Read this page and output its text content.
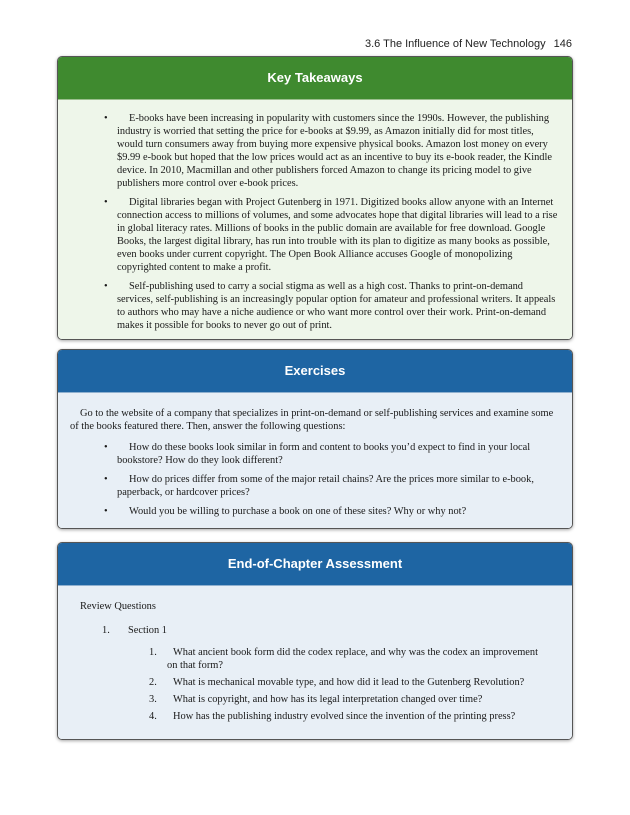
3.6 The Influence of New Technology 146
Key Takeaways
•	E-books have been increasing in popularity with customers since the 1990s. However, the publishing industry is worried that setting the price for e-books at $9.99, as Amazon initially did for most titles, would turn consumers away from buying more expensive physical books. Amazon lost money on every $9.99 e-book but hoped that the low prices would act as an incentive to buy its e-book reader, the Kindle device. In 2010, Macmillan and other publishers forced Amazon to change its pricing model to give publishers more control over e-book prices.
•	Digital libraries began with Project Gutenberg in 1971. Digitized books allow anyone with an Internet connection access to millions of volumes, and some advocates hope that digital libraries will lead to a rise in global literacy rates. Millions of books in the public domain are available for free download. Google Books, the largest digital library, has run into trouble with its plan to digitize as many books as possible, even books under current copyright. The Open Book Alliance accuses Google of monopolizing copyrighted content to make a profit.
•	Self-publishing used to carry a social stigma as well as a high cost. Thanks to print-on-demand services, self-publishing is an increasingly popular option for amateur and professional writers. It appeals to authors who may have a niche audience or who want more control over their work. Print-on-demand makes it possible for books to never go out of print.
Exercises
Go to the website of a company that specializes in print-on-demand or self-publishing services and examine some of the books featured there. Then, answer the following questions:
•	How do these books look similar in form and content to books you’d expect to find in your local bookstore? How do they look different?
•	How do prices differ from some of the major retail chains? Are the prices more similar to e-book, paperback, or hardcover prices?
•	Would you be willing to purchase a book on one of these sites? Why or why not?
End-of-Chapter Assessment
Review Questions
1. Section 1
1.	What ancient book form did the codex replace, and why was the codex an improvement on that form?
2.	What is mechanical movable type, and how did it lead to the Gutenberg Revolution?
3.	What is copyright, and how has its legal interpretation changed over time?
4.	How has the publishing industry evolved since the invention of the printing press?
